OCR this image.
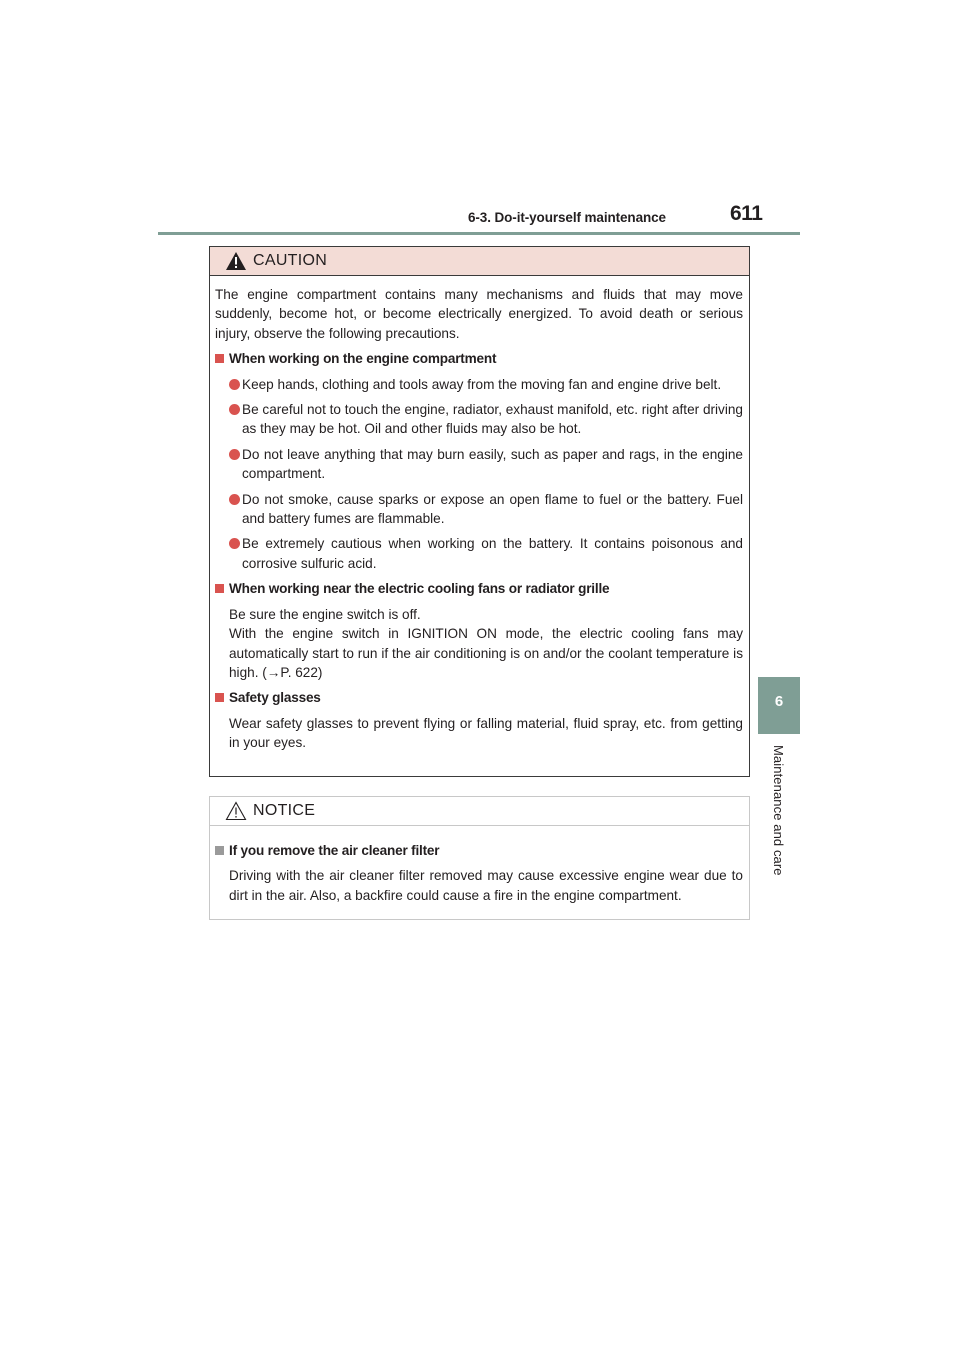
6-3. Do-it-yourself maintenance	611
6
Maintenance and care
CAUTION

The engine compartment contains many mechanisms and fluids that may move suddenly, become hot, or become electrically energized. To avoid death or serious injury, observe the following precautions.

When working on the engine compartment
Keep hands, clothing and tools away from the moving fan and engine drive belt.
Be careful not to touch the engine, radiator, exhaust manifold, etc. right after driving as they may be hot. Oil and other fluids may also be hot.
Do not leave anything that may burn easily, such as paper and rags, in the engine compartment.
Do not smoke, cause sparks or expose an open flame to fuel or the battery. Fuel and battery fumes are flammable.
Be extremely cautious when working on the battery. It contains poisonous and corrosive sulfuric acid.
When working near the electric cooling fans or radiator grille

Be sure the engine switch is off.
With the engine switch in IGNITION ON mode, the electric cooling fans may automatically start to run if the air conditioning is on and/or the coolant temperature is high. (→P. 622)

Safety glasses

Wear safety glasses to prevent flying or falling material, fluid spray, etc. from getting in your eyes.

NOTICE
If you remove the air cleaner filter

Driving with the air cleaner filter removed may cause excessive engine wear due to dirt in the air. Also, a backfire could cause a fire in the engine compartment.
